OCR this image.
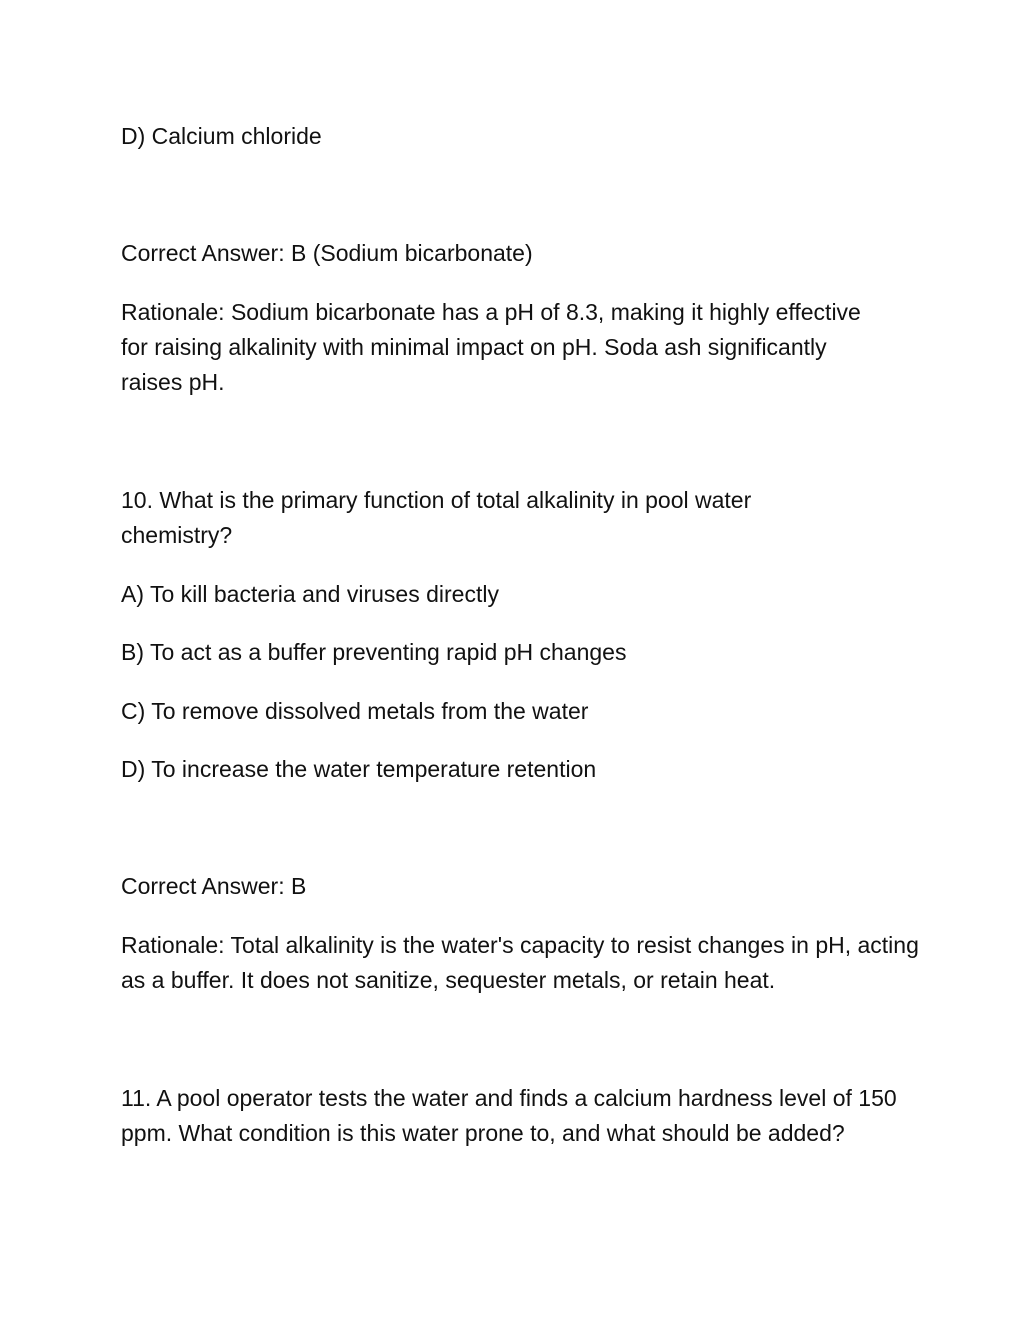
D) Calcium chloride

Correct Answer: B (Sodium bicarbonate)

Rationale: Sodium bicarbonate has a pH of 8.3, making it highly effective for raising alkalinity with minimal impact on pH. Soda ash significantly raises pH.

10. What is the primary function of total alkalinity in pool water chemistry?

A) To kill bacteria and viruses directly

B) To act as a buffer preventing rapid pH changes

C) To remove dissolved metals from the water

D) To increase the water temperature retention

Correct Answer: B

Rationale: Total alkalinity is the water's capacity to resist changes in pH, acting as a buffer. It does not sanitize, sequester metals, or retain heat.

11. A pool operator tests the water and finds a calcium hardness level of 150 ppm. What condition is this water prone to, and what should be added?
